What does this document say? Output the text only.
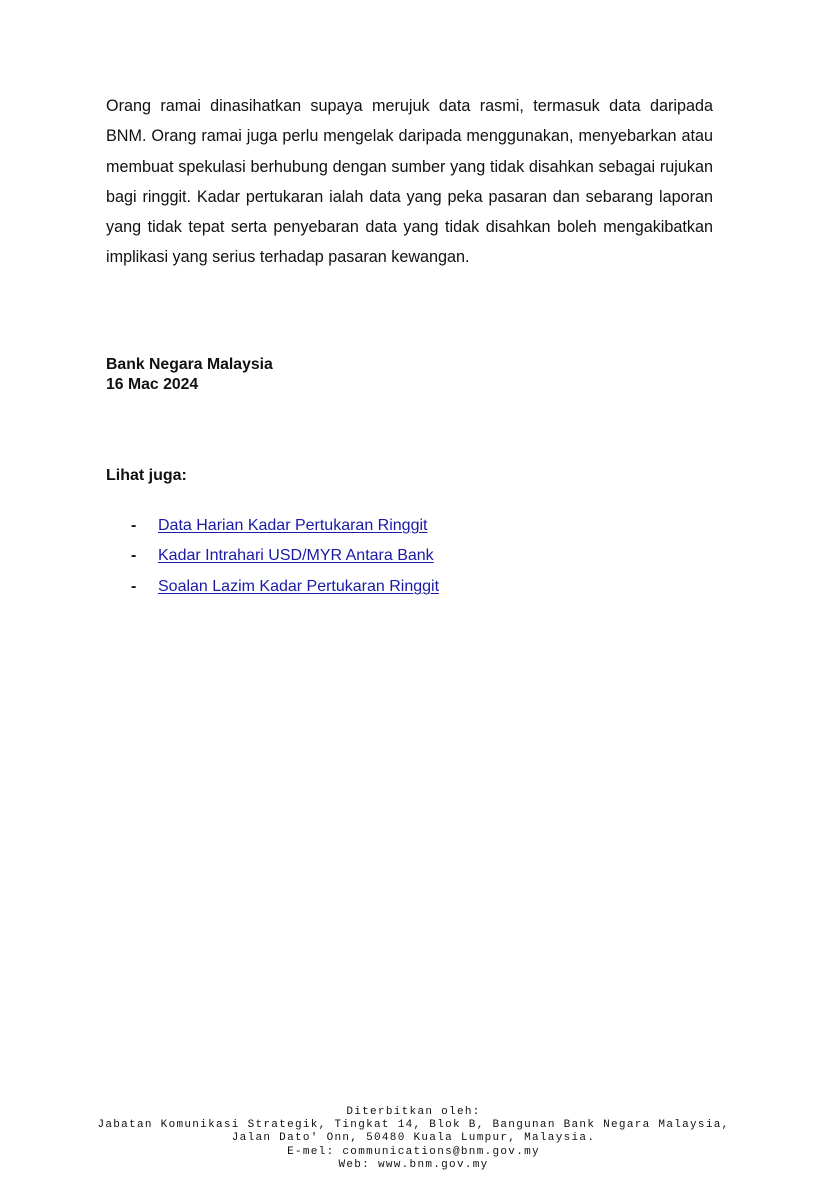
Orang ramai dinasihatkan supaya merujuk data rasmi, termasuk data daripada BNM. Orang ramai juga perlu mengelak daripada menggunakan, menyebarkan atau membuat spekulasi berhubung dengan sumber yang tidak disahkan sebagai rujukan bagi ringgit. Kadar pertukaran ialah data yang peka pasaran dan sebarang laporan yang tidak tepat serta penyebaran data yang tidak disahkan boleh mengakibatkan implikasi yang serius terhadap pasaran kewangan.

Bank Negara Malaysia
16 Mac 2024
Lihat juga:
- Data Harian Kadar Pertukaran Ringgit
- Kadar Intrahari USD/MYR Antara Bank
- Soalan Lazim Kadar Pertukaran Ringgit
Diterbitkan oleh:
Jabatan Komunikasi Strategik, Tingkat 14, Blok B, Bangunan Bank Negara Malaysia,
Jalan Dato' Onn, 50480 Kuala Lumpur, Malaysia.
E-mel: communications@bnm.gov.my
Web: www.bnm.gov.my
